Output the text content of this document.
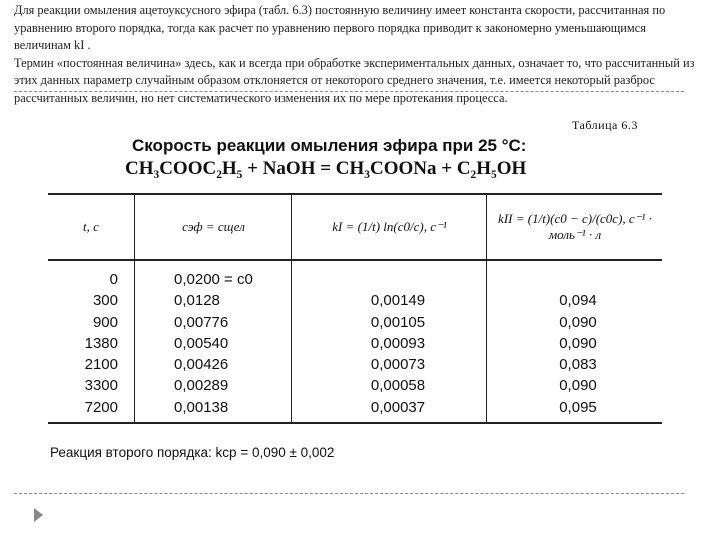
Для реакции омыления ацетоуксусного эфира (табл. 6.3) постоянную величину имеет константа скорости, рассчитанная по уравнению второго порядка, тогда как расчет по уравнению первого порядка приводит к закономерно уменьшающимся величинам kI .

Термин «постоянная величина» здесь, как и всегда при обработке экспериментальных данных, означает то, что рассчитанный из этих данных параметр случайным образом отклоняется от некоторого среднего значения, т.е. имеется некоторый разброс рассчитанных величин, но нет систематического изменения их по мере протекания процесса.

Таблица 6.3
Скорость реакции омыления эфира при 25 °С:
CH₃COOC₂H₅ + NaOH = CH₃COONa + C₂H₅OH
t, с	cэф = cщел	kI = (1/t) ln(c0/c), с⁻¹
kII = (1/t)(c0 − c)/(c0c), с⁻¹ · моль⁻¹ · л
0
300
900
1380
2100
3300
7200
0,0200 = c0
0,0128
0,00776
0,00540
0,00426
0,00289
0,00138

0,00149
0,00105
0,00093
0,00073
0,00058
0,00037

0,094
0,090
0,090
0,083
0,090
0,095
Реакция второго порядка: kср = 0,090 ± 0,002
